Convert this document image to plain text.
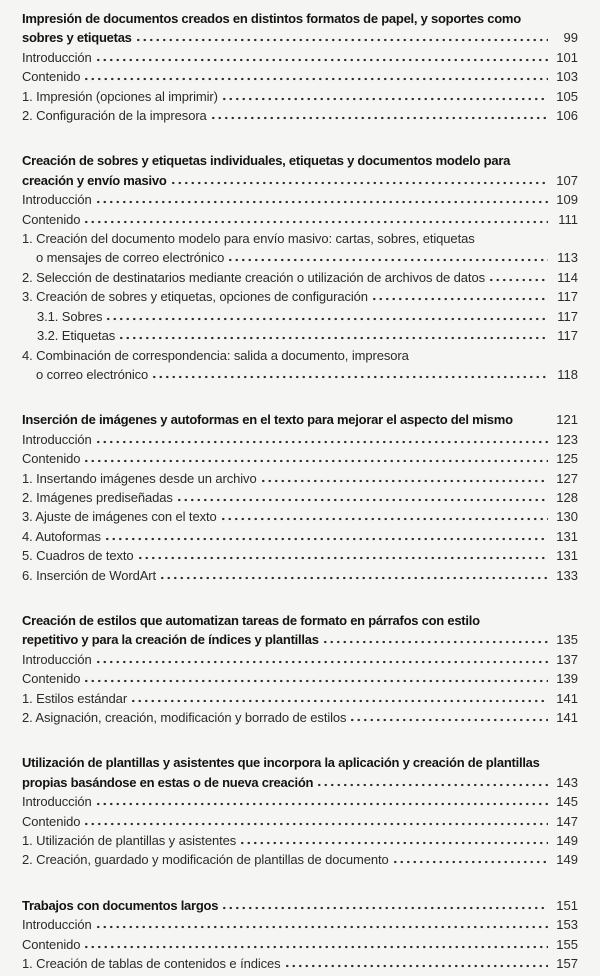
Impresión de documentos creados en distintos formatos de papel, y soportes como
sobres y etiquetas	99
Introducción	101
Contenido	103
1. Impresión (opciones al imprimir)	105
2. Configuración de la impresora	106
Creación de sobres y etiquetas individuales, etiquetas y documentos modelo para
creación y envío masivo	107
Introducción	109
Contenido	111
1. Creación del documento modelo para envío masivo: cartas, sobres, etiquetas
o mensajes de correo electrónico	113
2. Selección de destinatarios mediante creación o utilización de archivos de datos	114
3. Creación de sobres y etiquetas, opciones de configuración	117
3.1. Sobres	117
3.2. Etiquetas	117
4. Combinación de correspondencia: salida a documento, impresora
o correo electrónico	118
Inserción de imágenes y autoformas en el texto para mejorar el aspecto del mismo	121
Introducción	123
Contenido	125
1. Insertando imágenes desde un archivo	127
2. Imágenes prediseñadas	128
3. Ajuste de imágenes con el texto	130
4. Autoformas	131
5. Cuadros de texto	131
6. Inserción de WordArt	133
Creación de estilos que automatizan tareas de formato en párrafos con estilo
repetitivo y para la creación de índices y plantillas	135
Introducción	137
Contenido	139
1. Estilos estándar	141
2. Asignación, creación, modificación y borrado de estilos	141
Utilización de plantillas y asistentes que incorpora la aplicación y creación de plantillas
propias basándose en estas o de nueva creación	143
Introducción	145
Contenido	147
1. Utilización de plantillas y asistentes	149
2. Creación, guardado y modificación de plantillas de documento	149
Trabajos con documentos largos	151
Introducción	153
Contenido	155
1. Creación de tablas de contenidos e índices	157
